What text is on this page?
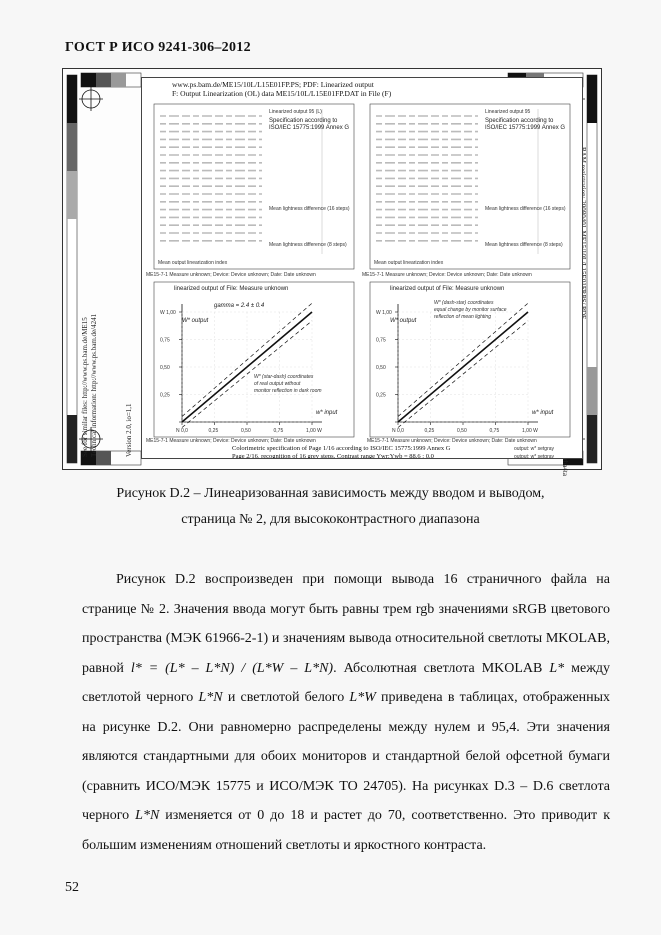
ГОСТ Р ИСО 9241-306–2012
See for similar files: http://www.ps.bam.de/ME15 Technical information: http://www.ps.bam.de/4241	Version 2.0, io=1,1
BAM registration: 20080401-ME15/10L/L15E01FP.PS/.PDF
Application for achromatic display output with CIELAB contrast range L*r/L*b = 95.4 : 0.0
BAM material: code=rha4ta
www.ps.bam.de/ME15/10L/L15E01FP.PS; PDF: Linearized output
F: Output Linearization (OL) data ME15/10L/L15E01FP.DAT in File (F)
Linearized output 95 (L)
Specification according to
ISO/IEC 15775:1999 Annex G
Mean lightness difference (16 steps)
Mean lightness difference (8 steps)
Mean output linearization index
ME15-7-1 Measure unknown; Device: Device unknown; Date: Date unknown
Linearized output 95
Specification according to
ISO/IEC 15775:1999 Annex G
Mean lightness difference (16 steps)
Mean lightness difference (8 steps)
Mean output linearization index
ME15-7-1 Measure unknown; Device: Device unknown; Date: Date unknown
linearized output of File: Measure unknown
N 0,0	0,25	0,50	0,75	1,00 W
0,25
0,50
0,75
W 1,00
gamma = 2.4 ± 0.4
W* output
W* (star-dash) coordinates
of real output without
monitor reflection in dark room
w* input
linearized output of File: Measure unknown
N 0,0	0,25	0,50	0,75	1,00 W
0,25
0,50
0,75
W 1,00
W* (dash-star) coordinates
equal change by monitor surface
reflection of mean lighting
W* output
w* input
ME15-7-1 Measure unknown; Device: Device unknown; Date: Date unknown	ME15-7-1 Measure unknown; Device: Device unknown; Date: Date unknown
Colorimetric specification of Page 1/16 according to ISO/IEC 15775:1999 Annex G
Page 2/16, recognition of 16 grey steps. Contrast range Ywr:Ywb = 88.6 : 0.0
output: w* setgray
output: w* setgray
Рисунок D.2 – Линеаризованная зависимость между вводом и выводом,
страница № 2, для высококонтрастного диапазона

Рисунок D.2 воспроизведен при помощи вывода 16 страничного файла на странице № 2. Значения ввода могут быть равны трем rgb значениями sRGB цветового пространства (МЭК 61966-2-1) и значениям вывода относительной светлоты MKOLAB, равной l* = (L* – L*N) / (L*W – L*N). Абсолютная светлота MKOLAB L* между светлотой черного L*N и светлотой белого L*W приведена в таблицах, отображенных на рисунке D.2. Они равномерно распределены между нулем и 95,4. Эти значения являются стандартными для обоих мониторов и стандартной белой офсетной бумаги (сравнить ИСО/МЭК 15775 и ИСО/МЭК ТО 24705). На рисунках D.3 – D.6 светлота черного L*N изменяется от 0 до 18 и растет до 70, соответственно. Это приводит к большим изменениям отношений светлоты и яркостного контраста.

52
